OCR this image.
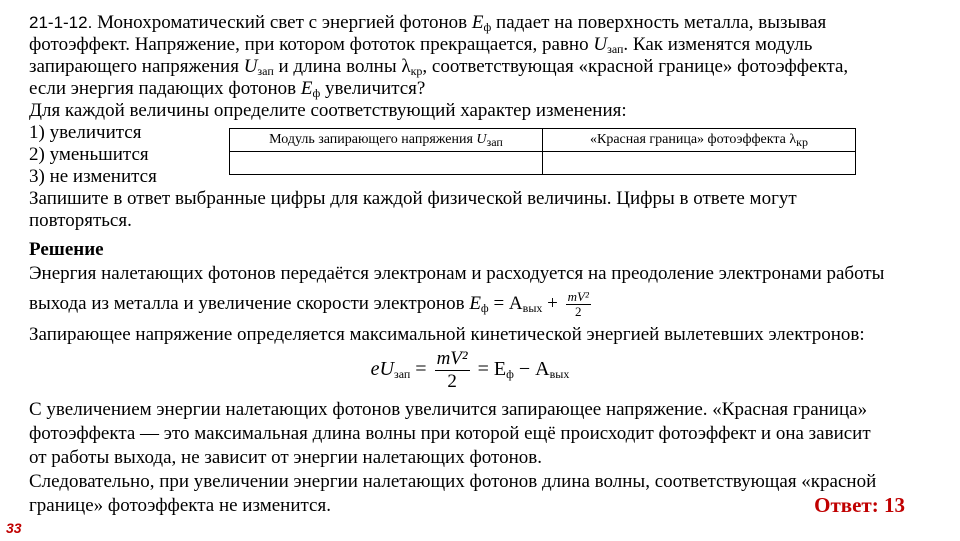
21-1-12. Монохроматический свет с энергией фотонов $E_ф$ падает на поверхность металла, вызывая
фотоэффект. Напряжение, при котором фототок прекращается, равно $U_{зап}$. Как изменятся модуль
запирающего напряжения $U_{зап}$ и длина волны $\lambda_{кр}$, соответствующая «красной границе» фотоэффекта,
если энергия падающих фотонов $E_ф$ увеличится?
Для каждой величины определите соответствующий характер изменения:
1) увеличится
2) уменьшится
3) не изменится
Запишите в ответ выбранные цифры для каждой физической величины. Цифры в ответе могут
повторяться.
Модуль запирающего напряжения $U_{зап}$	«Красная граница» фотоэффекта $\lambda_{кр}$

Решение
Энергия налетающих фотонов передаётся электронам и расходуется на преодоление электронами работы
выхода из металла и увеличение скорости электронов $E_ф = А_{вых} + \frac{\text{mV²}}{2}$
Запирающее напряжение определяется максимальной кинетической энергией вылетевших электронов:
$eU_{зап} = \frac{\text{mV²}}{2} = Е_ф - А_{вых}$
С увеличением энергии налетающих фотонов увеличится запирающее напряжение. «Красная граница»
фотоэффекта — это максимальная длина волны при которой ещё происходит фотоэффект и она зависит
от работы выхода, не зависит от энергии налетающих фотонов.
Следовательно, при увеличении энергии налетающих фотонов длина волны, соответствующая «красной
границе» фотоэффекта не изменится.	Ответ: 13
33
